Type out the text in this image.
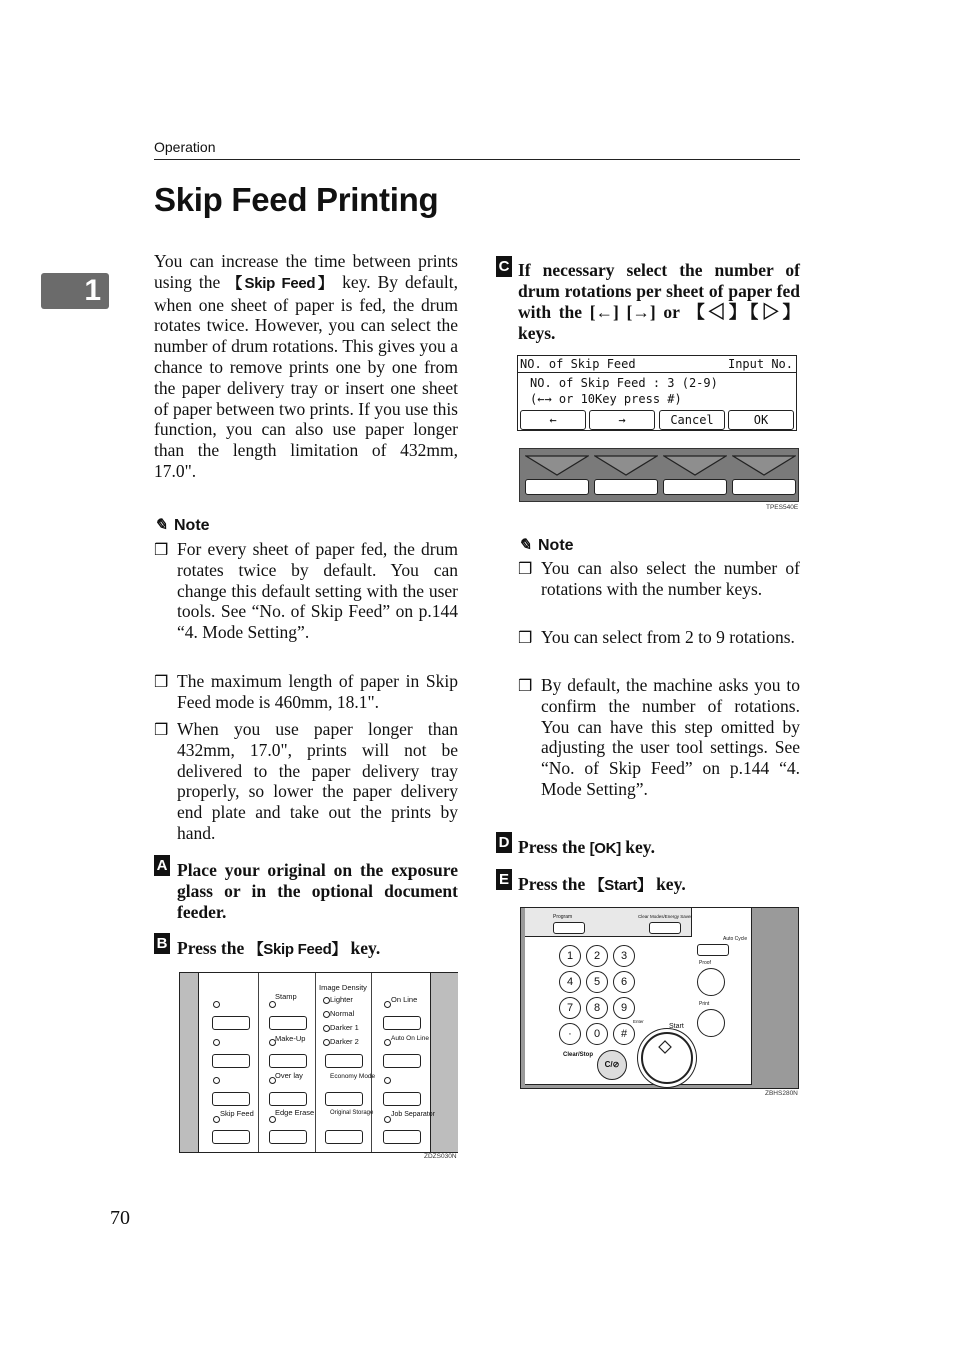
Operation
Skip Feed Printing
1
You can increase the time between prints using the 【Skip Feed】 key. By default, when one sheet of paper is fed, the drum rotates twice. However, you can select the number of drum rotations. This gives you a chance to remove prints one by one from the paper delivery tray or insert one sheet of paper between two prints. If you use this function, you can also use paper longer than the length limitation of 432mm, 17.0".
✎ Note
❒ For every sheet of paper fed, the drum rotates twice by default. You can change this default setting with the user tools. See “No. of Skip Feed” on p.144 “4. Mode Setting”.
❒ The maximum length of paper in Skip Feed mode is 460mm, 18.1".
❒ When you use paper longer than 432mm, 17.0", prints will not be delivered to the paper delivery tray properly, so lower the paper delivery end plate and take out the prints by hand.
A Place your original on the exposure glass or in the optional document feeder.
B Press the 【Skip Feed】 key.
Skip Feed
Stamp
Make-Up
Over lay
Edge Erase
Image Density
Lighter
Normal
Darker 1
Darker 2
Economy Mode
Original Storage
On Line
Auto On Line
Job Separator
ZDZS030N
C If necessary select the number of drum rotations per sheet of paper fed with the [←] [→] or 【◁】【▷】 keys.
NO. of Skip Feed	Input No.
NO. of Skip Feed : 3 (2-9)
(←→ or 10Key press #)
←	→	Cancel	OK
TPES540E
✎ Note
❒ You can also select the number of rotations with the number keys.
❒ You can select from 2 to 9 rotations.
❒ By default, the machine asks you to confirm the number of rotations. You can have this step omitted by adjusting the user tool settings. See “No. of Skip Feed” on p.144 “4. Mode Setting”.
D Press the [OK] key.
E Press the 【Start】 key.
Program	Clear Modes/Energy Saver
Auto Cycle
Proof
Print
1	2	3
4	5	6
7	8	9
·	0	#
Enter
Clear/Stop
C/⊘
Start
ZBHS280N
70
